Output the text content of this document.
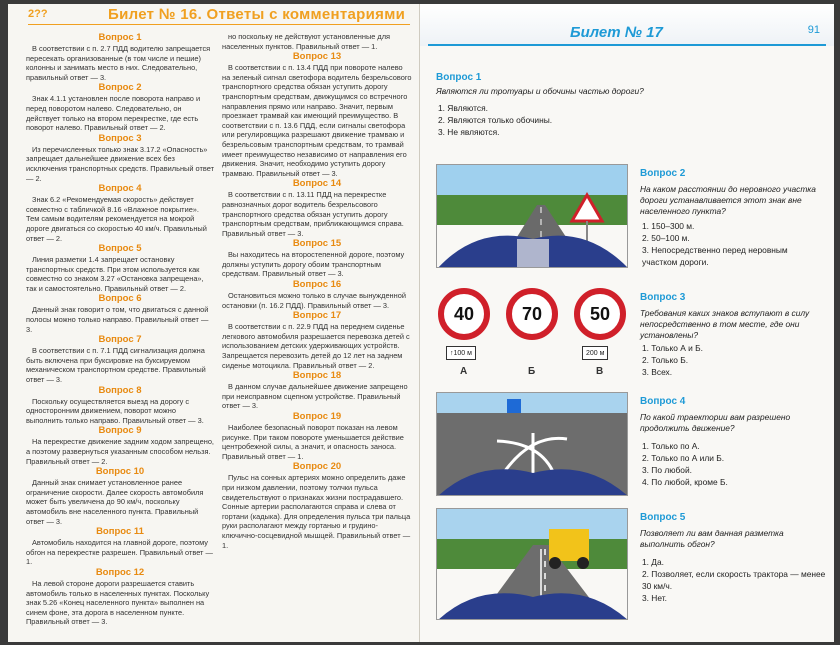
2??	Билет № 16. Ответы с комментариями
Вопрос 1
В соответствии с п. 2.7 ПДД водителю запрещается пересекать организованные (в том числе и пешие) колонны и занимать место в них. Следовательно, правильный ответ — 3.
Вопрос 2
Знак 4.1.1 установлен после поворота направо и перед поворотом налево. Следовательно, он действует только на втором перекрестке, где есть поворот налево. Правильный ответ — 2.
Вопрос 3
Из перечисленных только знак 3.17.2 «Опасность» запрещает дальнейшее движение всех без исключения транспортных средств. Правильный ответ — 2.
Вопрос 4
Знак 6.2 «Рекомендуемая скорость» действует совместно с табличкой 8.16 «Влажное покрытие». Тем самым водителям рекомендуется на мокрой дороге двигаться со скоростью 40 км/ч. Правильный ответ — 2.
Вопрос 5
Линия разметки 1.4 запрещает остановку транспортных средств. При этом используется как совместно со знаком 3.27 «Остановка запрещена», так и самостоятельно. Правильный ответ — 2.
Вопрос 6
Данный знак говорит о том, что двигаться с данной полосы можно только направо. Правильный ответ — 3.
Вопрос 7
В соответствии с п. 7.1 ПДД сигнализация должна быть включена при буксировке на буксируемом механическом транспортном средстве. Правильный ответ — 3.
Вопрос 8
Поскольку осуществляется выезд на дорогу с односторонним движением, поворот можно выполнить только направо. Правильный ответ — 3.
Вопрос 9
На перекрестке движение задним ходом запрещено, а поэтому развернуться указанным способом нельзя. Правильный ответ — 2.
Вопрос 10
Данный знак снимает установленное ранее ограничение скорости. Далее скорость автомобиля может быть увеличена до 90 км/ч, поскольку автомобиль вне населенного пункта. Правильный ответ — 3.
Вопрос 11
Автомобиль находится на главной дороге, поэтому обгон на перекрестке разрешен. Правильный ответ — 1.
Вопрос 12
На левой стороне дороги разрешается ставить автомобиль только в населенных пунктах. Поскольку знак 5.26 «Конец населенного пункта» выполнен на синем фоне, эта дорога в населенном пункте. Правильный ответ — 3.
но поскольку не действуют установленные для населенных пунктов. Правильный ответ — 1.
Вопрос 13
В соответствии с п. 13.4 ПДД при повороте налево на зеленый сигнал светофора водитель безрельсового транспортного средства обязан уступить дорогу транспортным средствам, движущимся со встречного направления прямо или направо. Значит, первым проезжает трамвай как имеющий преимущество. В соответствии с п. 13.6 ПДД, если сигналы светофора или регулировщика разрешают движение трамваю и безрельсовым транспортным средствам, то трамвай имеет преимущество независимо от направления его движения. Значит, необходимо уступить дорогу трамваю. Правильный ответ — 3.
Вопрос 14
В соответствии с п. 13.11 ПДД на перекрестке равнозначных дорог водитель безрельсового транспортного средства обязан уступить дорогу транспортным средствам, приближающимся справа. Правильный ответ — 3.
Вопрос 15
Вы находитесь на второстепенной дороге, поэтому должны уступить дорогу обоим транспортным средствам. Правильный ответ — 3.
Вопрос 16
Остановиться можно только в случае вынужденной остановки (п. 16.2 ПДД). Правильный ответ — 3.
Вопрос 17
В соответствии с п. 22.9 ПДД на переднем сиденье легкового автомобиля разрешается перевозка детей с использованием детских удерживающих устройств. Запрещается перевозить детей до 12 лет на заднем сиденье мотоцикла. Правильный ответ — 2.
Вопрос 18
В данном случае дальнейшее движение запрещено при неисправном сцепном устройстве. Правильный ответ — 3.
Вопрос 19
Наиболее безопасный поворот показан на левом рисунке. При таком повороте уменьшается действие центробежной силы, а значит, и опасность заноса. Правильный ответ — 1.
Вопрос 20
Пульс на сонных артериях можно определить даже при низком давлении, поэтому толчки пульса свидетельствуют о признаках жизни пострадавшего. Сонные артерии располагаются справа и слева от гортани (кадыка). Для определения пульса три пальца руки располагают между гортанью и грудино-ключично-сосцевидной мышцей. Правильный ответ — 1.
Билет № 17	91
Вопрос 1
Являются ли тротуары и обочины частью дороги?
1. Являются.
2. Являются только обочины.
3. Не являются.
Вопрос 2
На каком расстоянии до неровного участка дороги устанавливается этот знак вне населенного пункта?
1. 150–300 м.
2. 50–100 м.
3. Непосредственно перед неровным участком дороги.
40
↑100 м
А
70
Б
50
200 м
В
Вопрос 3
Требования каких знаков вступают в силу непосредственно в том месте, где они установлены?
1. Только А и Б.
2. Только Б.
3. Всех.
Вопрос 4
По какой траектории вам разрешено продолжить движение?
1. Только по А.
2. Только по А или Б.
3. По любой.
4. По любой, кроме Б.
Вопрос 5
Позволяет ли вам данная разметка выполнить обгон?
1. Да.
2. Позволяет, если скорость трактора — менее 30 км/ч.
3. Нет.
